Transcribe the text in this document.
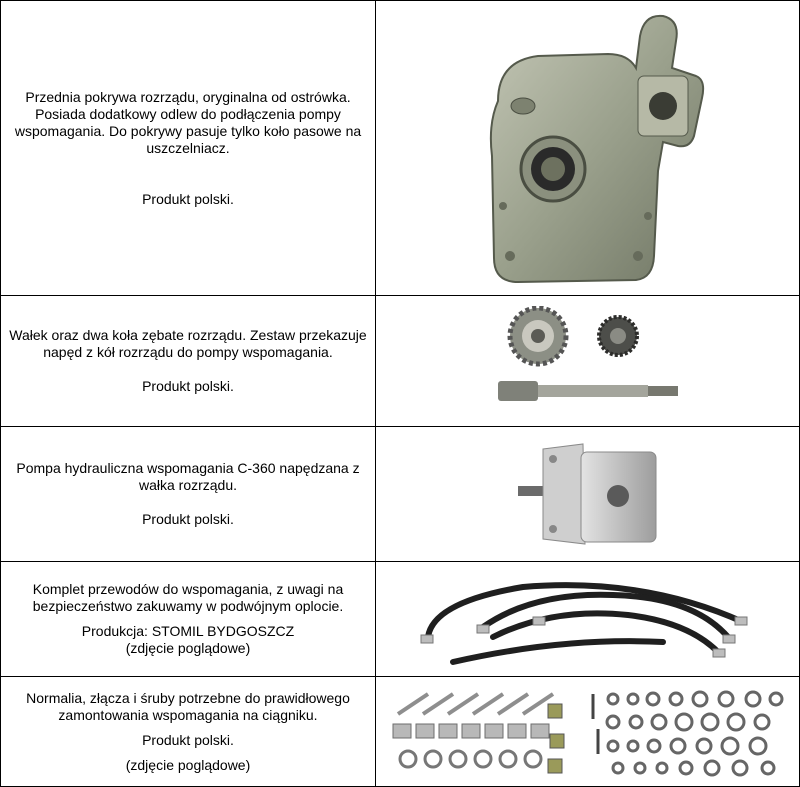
Przednia pokrywa rozrządu, oryginalna od ostrówka. Posiada dodatkowy odlew do podłączenia pompy wspomagania. Do pokrywy pasuje tylko koło pasowe na uszczelniacz.

Produkt polski.

Wałek oraz dwa koła zębate rozrządu. Zestaw przekazuje napęd z kół rozrządu do pompy wspomagania.

Produkt polski.

Pompa hydrauliczna wspomagania C-360 napędzana z wałka rozrządu.

Produkt polski.

Komplet przewodów do wspomagania, z uwagi na bezpieczeństwo zakuwamy w podwójnym oplocie.

Produkcja: STOMIL BYDGOSZCZ

(zdjęcie poglądowe)

Normalia, złącza i śruby potrzebne do prawidłowego zamontowania wspomagania na ciągniku.

Produkt polski.

(zdjęcie poglądowe)
